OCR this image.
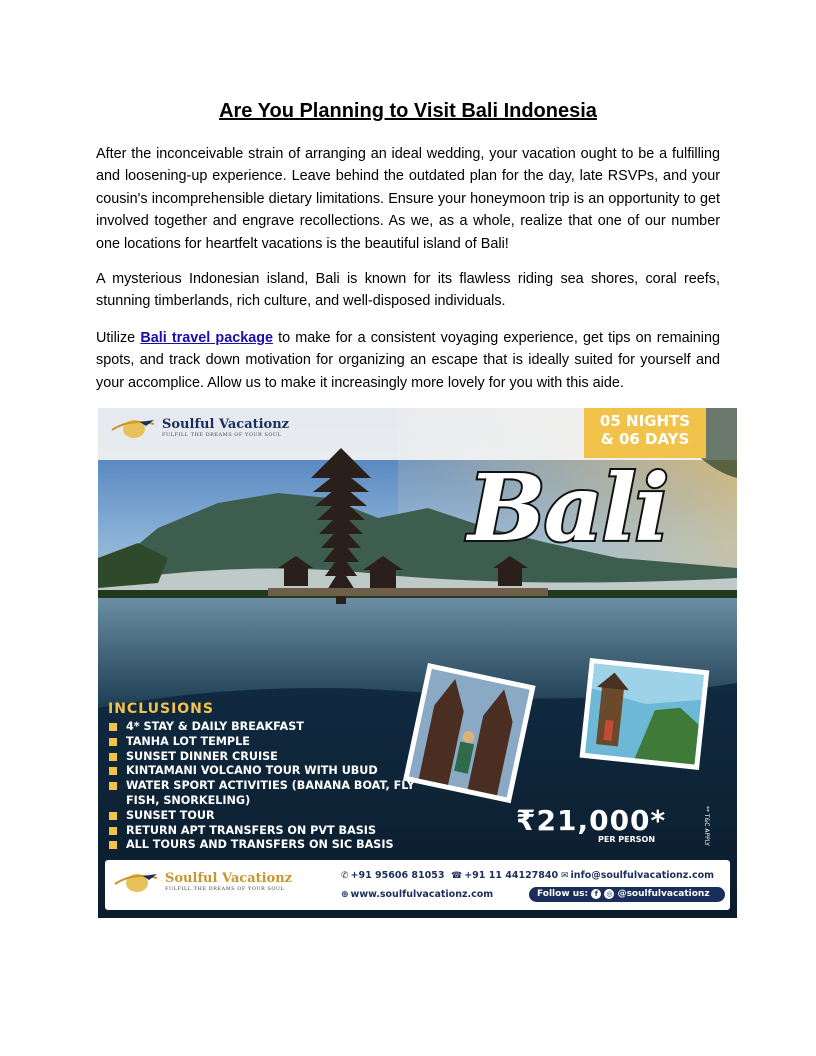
Are You Planning to Visit Bali Indonesia

After the inconceivable strain of arranging an ideal wedding, your vacation ought to be a fulfilling and loosening-up experience. Leave behind the outdated plan for the day, late RSVPs, and your cousin's incomprehensible dietary limitations. Ensure your honeymoon trip is an opportunity to get involved together and engrave recollections. As we, as a whole, realize that one of our number one locations for heartfelt vacations is the beautiful island of Bali!

A mysterious Indonesian island, Bali is known for its flawless riding sea shores, coral reefs, stunning timberlands, rich culture, and well-disposed individuals.

Utilize Bali travel package to make for a consistent voyaging experience, get tips on remaining spots, and track down motivation for organizing an escape that is ideally suited for yourself and your accomplice. Allow us to make it increasingly more lovely for you with this aide.

Soulful Vacationz
FULFILL THE DREAMS OF YOUR SOUL
05 NIGHTS
& 06 DAYS
Bali
INCLUSIONS
4* STAY & DAILY BREAKFAST
TANHA LOT TEMPLE
SUNSET DINNER CRUISE
KINTAMANI VOLCANO TOUR WITH UBUD
WATER SPORT ACTIVITIES (BANANA BOAT, FLY FISH, SNORKELING)
SUNSET TOUR
RETURN APT TRANSFERS ON PVT BASIS
ALL TOURS AND TRANSFERS ON SIC BASIS
₹21,000*
PER PERSON	** T&C APPLY
Soulful Vacationz
FULFILL THE DREAMS OF YOUR SOUL
✆ +91 95606 81053 ☎ +91 11 44127840 ✉ info@soulfulvacationz.com
⊕ www.soulfulvacationz.com	Follow us: f ◎ @soulfulvacationz
